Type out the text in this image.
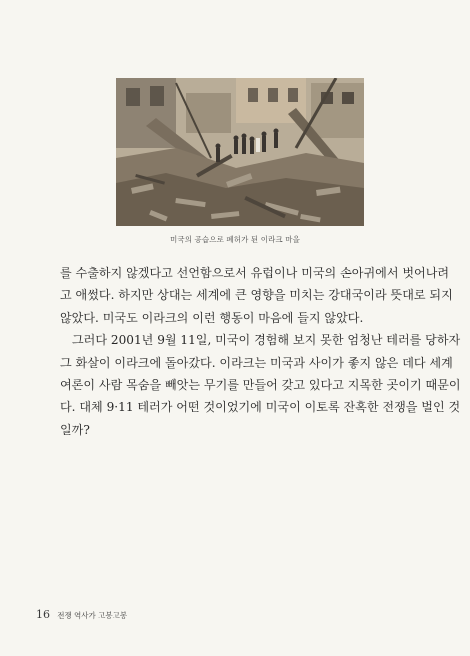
미국의 공습으로 폐허가 된 이라크 마을

를 수출하지 않겠다고 선언함으로서 유럽이나 미국의 손아귀에서 벗어나려
고 애썼다. 하지만 상대는 세계에 큰 영향을 미치는 강대국이라 뜻대로 되지
않았다. 미국도 이라크의 이런 행동이 마음에 들지 않았다.

그러다 2001년 9월 11일, 미국이 경험해 보지 못한 엄청난 테러를 당하자
그 화살이 이라크에 돌아갔다. 이라크는 미국과 사이가 좋지 않은 데다 세계
여론이 사람 목숨을 빼앗는 무기를 만들어 갖고 있다고 지목한 곳이기 때문이
다. 대체 9·11 테러가 어떤 것이었기에 미국이 이토록 잔혹한 전쟁을 벌인 것
일까?

16 전쟁 역사가 고봉고봉
